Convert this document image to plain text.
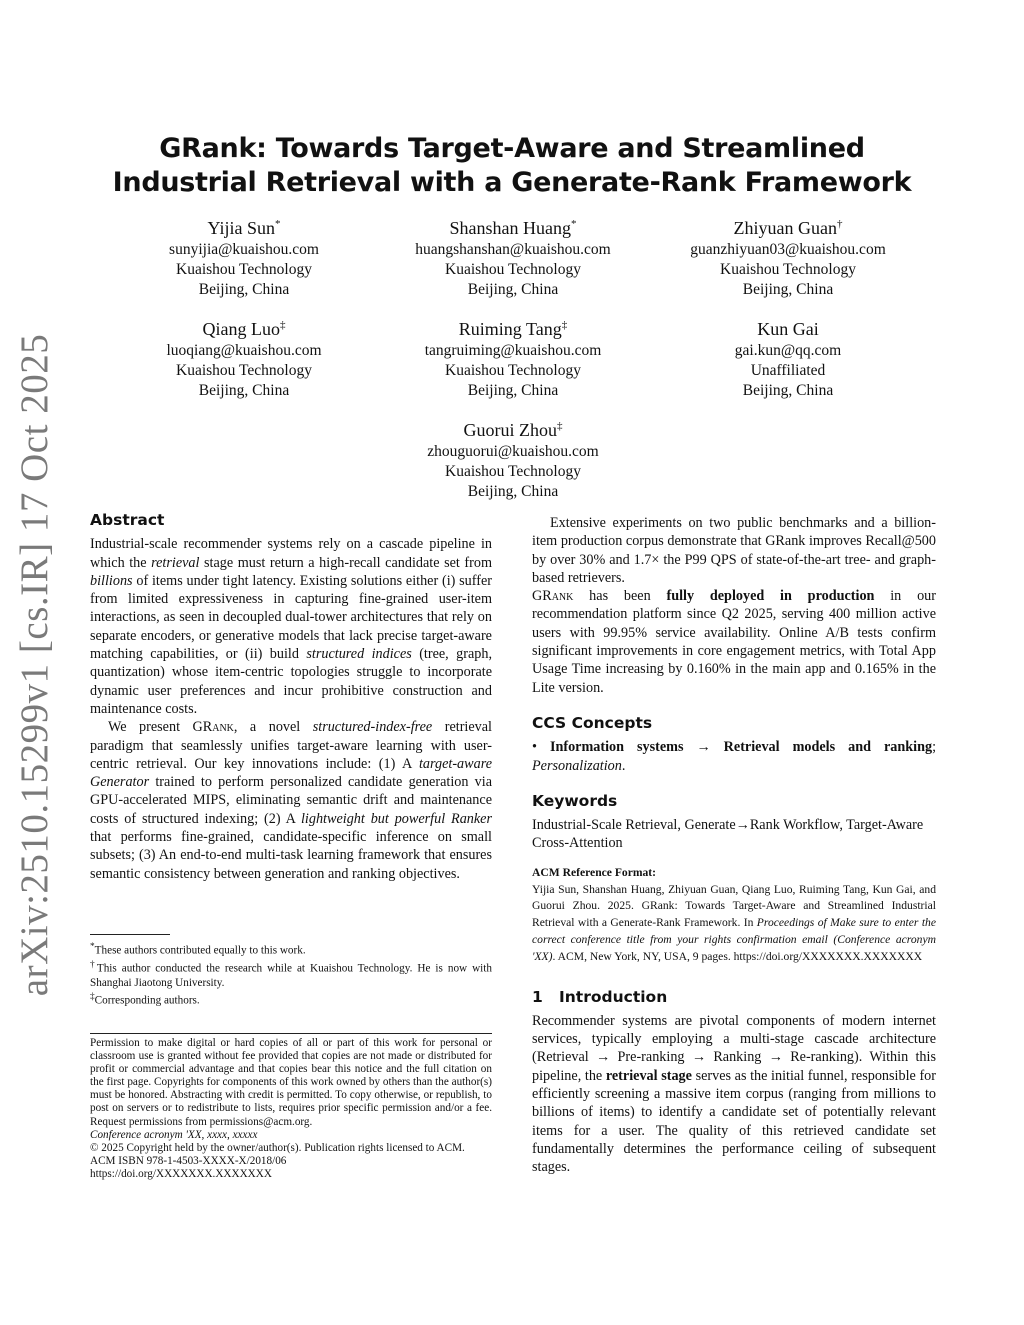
arXiv:2510.15299v1 [cs.IR] 17 Oct 2025
GRank: Towards Target-Aware and Streamlined Industrial Retrieval with a Generate-Rank Framework
Yijia Sun*
sunyijia@kuaishou.com
Kuaishou Technology
Beijing, China
Shanshan Huang*
huangshanshan@kuaishou.com
Kuaishou Technology
Beijing, China
Zhiyuan Guan†
guanzhiyuan03@kuaishou.com
Kuaishou Technology
Beijing, China
Qiang Luo‡
luoqiang@kuaishou.com
Kuaishou Technology
Beijing, China
Ruiming Tang‡
tangruiming@kuaishou.com
Kuaishou Technology
Beijing, China
Kun Gai
gai.kun@qq.com
Unaffiliated
Beijing, China
Guorui Zhou‡
zhouguorui@kuaishou.com
Kuaishou Technology
Beijing, China
Abstract

Industrial-scale recommender systems rely on a cascade pipeline in which the retrieval stage must return a high-recall candidate set from billions of items under tight latency. Existing solutions either (i) suffer from limited expressiveness in capturing fine-grained user-item interactions, as seen in decoupled dual-tower architectures that rely on separate encoders, or generative models that lack precise target-aware matching capabilities, or (ii) build structured indices (tree, graph, quantization) whose item-centric topologies struggle to incorporate dynamic user preferences and incur prohibitive construction and maintenance costs.

We present GRank, a novel structured-index-free retrieval paradigm that seamlessly unifies target-aware learning with user-centric retrieval. Our key innovations include: (1) A target-aware Generator trained to perform personalized candidate generation via GPU-accelerated MIPS, eliminating semantic drift and maintenance costs of structured indexing; (2) A lightweight but powerful Ranker that performs fine-grained, candidate-specific inference on small subsets; (3) An end-to-end multi-task learning framework that ensures semantic consistency between generation and ranking objectives.

*These authors contributed equally to this work.

†This author conducted the research while at Kuaishou Technology. He is now with Shanghai Jiaotong University.

‡Corresponding authors.

Permission to make digital or hard copies of all or part of this work for personal or classroom use is granted without fee provided that copies are not made or distributed for profit or commercial advantage and that copies bear this notice and the full citation on the first page. Copyrights for components of this work owned by others than the author(s) must be honored. Abstracting with credit is permitted. To copy otherwise, or republish, to post on servers or to redistribute to lists, requires prior specific permission and/or a fee. Request permissions from permissions@acm.org.

Conference acronym 'XX, xxxx, xxxxx

© 2025 Copyright held by the owner/author(s). Publication rights licensed to ACM.

ACM ISBN 978-1-4503-XXXX-X/2018/06

https://doi.org/XXXXXXX.XXXXXXX

Extensive experiments on two public benchmarks and a billion-item production corpus demonstrate that GRank improves Recall@500 by over 30% and 1.7× the P99 QPS of state-of-the-art tree- and graph-based retrievers.

GRank has been fully deployed in production in our recommendation platform since Q2 2025, serving 400 million active users with 99.95% service availability. Online A/B tests confirm significant improvements in core engagement metrics, with Total App Usage Time increasing by 0.160% in the main app and 0.165% in the Lite version.

CCS Concepts

• Information systems → Retrieval models and ranking; Personalization.

Keywords

Industrial-Scale Retrieval, Generate→Rank Workflow, Target-Aware Cross-Attention

ACM Reference Format:

Yijia Sun, Shanshan Huang, Zhiyuan Guan, Qiang Luo, Ruiming Tang, Kun Gai, and Guorui Zhou. 2025. GRank: Towards Target-Aware and Streamlined Industrial Retrieval with a Generate-Rank Framework. In Proceedings of Make sure to enter the correct conference title from your rights confirmation email (Conference acronym 'XX). ACM, New York, NY, USA, 9 pages. https://doi.org/XXXXXXX.XXXXXXX

1 Introduction

Recommender systems are pivotal components of modern internet services, typically employing a multi-stage cascade architecture (Retrieval → Pre-ranking → Ranking → Re-ranking). Within this pipeline, the retrieval stage serves as the initial funnel, responsible for efficiently screening a massive item corpus (ranging from millions to billions of items) to identify a candidate set of potentially relevant items for a user. The quality of this retrieved candidate set fundamentally determines the performance ceiling of subsequent stages.
